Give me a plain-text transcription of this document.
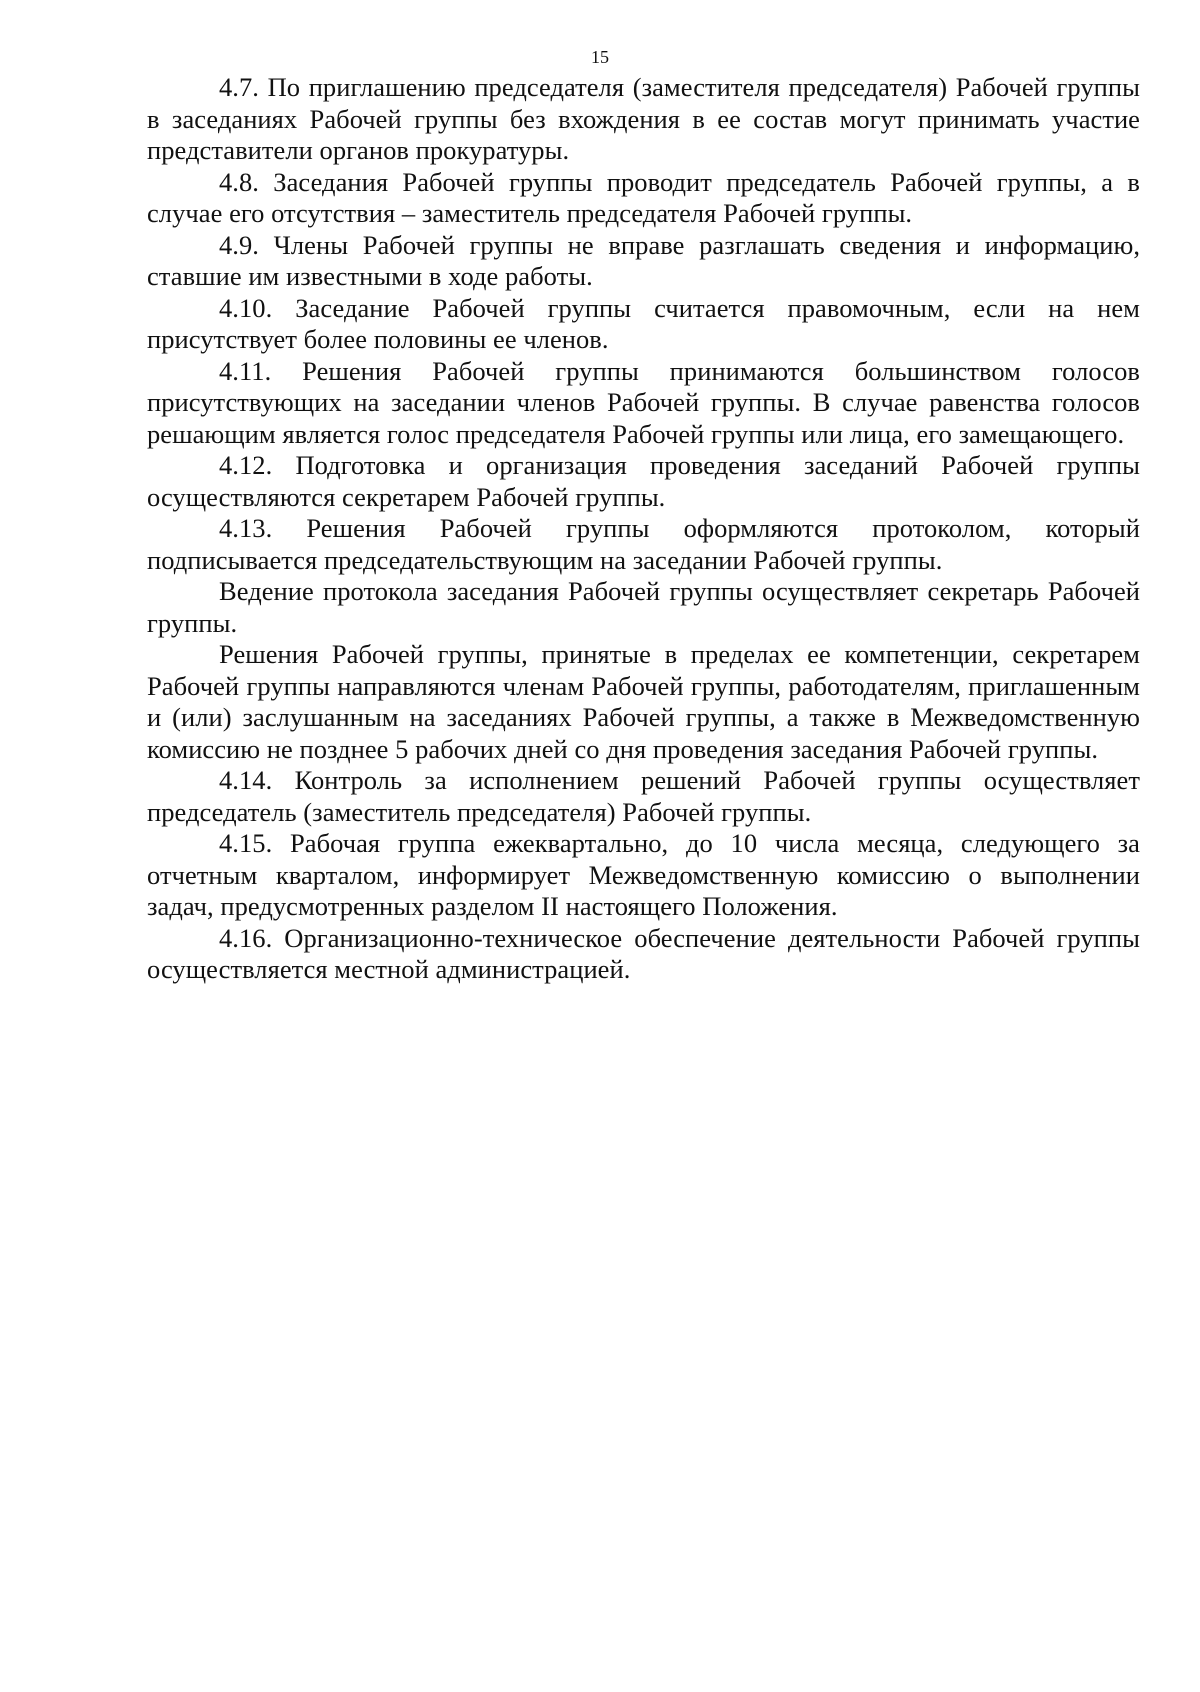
15

4.7. По приглашению председателя (заместителя председателя) Рабочей группы в заседаниях Рабочей группы без вхождения в ее состав могут принимать участие представители органов прокуратуры.

4.8. Заседания Рабочей группы проводит председатель Рабочей группы, а в случае его отсутствия – заместитель председателя Рабочей группы.

4.9. Члены Рабочей группы не вправе разглашать сведения и информацию, ставшие им известными в ходе работы.

4.10. Заседание Рабочей группы считается правомочным, если на нем присутствует более половины ее членов.

4.11. Решения Рабочей группы принимаются большинством голосов присутствующих на заседании членов Рабочей группы. В случае равенства голосов решающим является голос председателя Рабочей группы или лица, его замещающего.

4.12. Подготовка и организация проведения заседаний Рабочей группы осуществляются секретарем Рабочей группы.

4.13. Решения Рабочей группы оформляются протоколом, который подписывается председательствующим на заседании Рабочей группы.

Ведение протокола заседания Рабочей группы осуществляет секретарь Рабочей группы.

Решения Рабочей группы, принятые в пределах ее компетенции, секретарем Рабочей группы направляются членам Рабочей группы, работодателям, приглашенным и (или) заслушанным на заседаниях Рабочей группы, а также в Межведомственную комиссию не позднее 5 рабочих дней со дня проведения заседания Рабочей группы.

4.14. Контроль за исполнением решений Рабочей группы осуществляет председатель (заместитель председателя) Рабочей группы.

4.15. Рабочая группа ежеквартально, до 10 числа месяца, следующего за отчетным кварталом, информирует Межведомственную комиссию о выполнении задач, предусмотренных разделом II настоящего Положения.

4.16. Организационно-техническое обеспечение деятельности Рабочей группы осуществляется местной администрацией.
